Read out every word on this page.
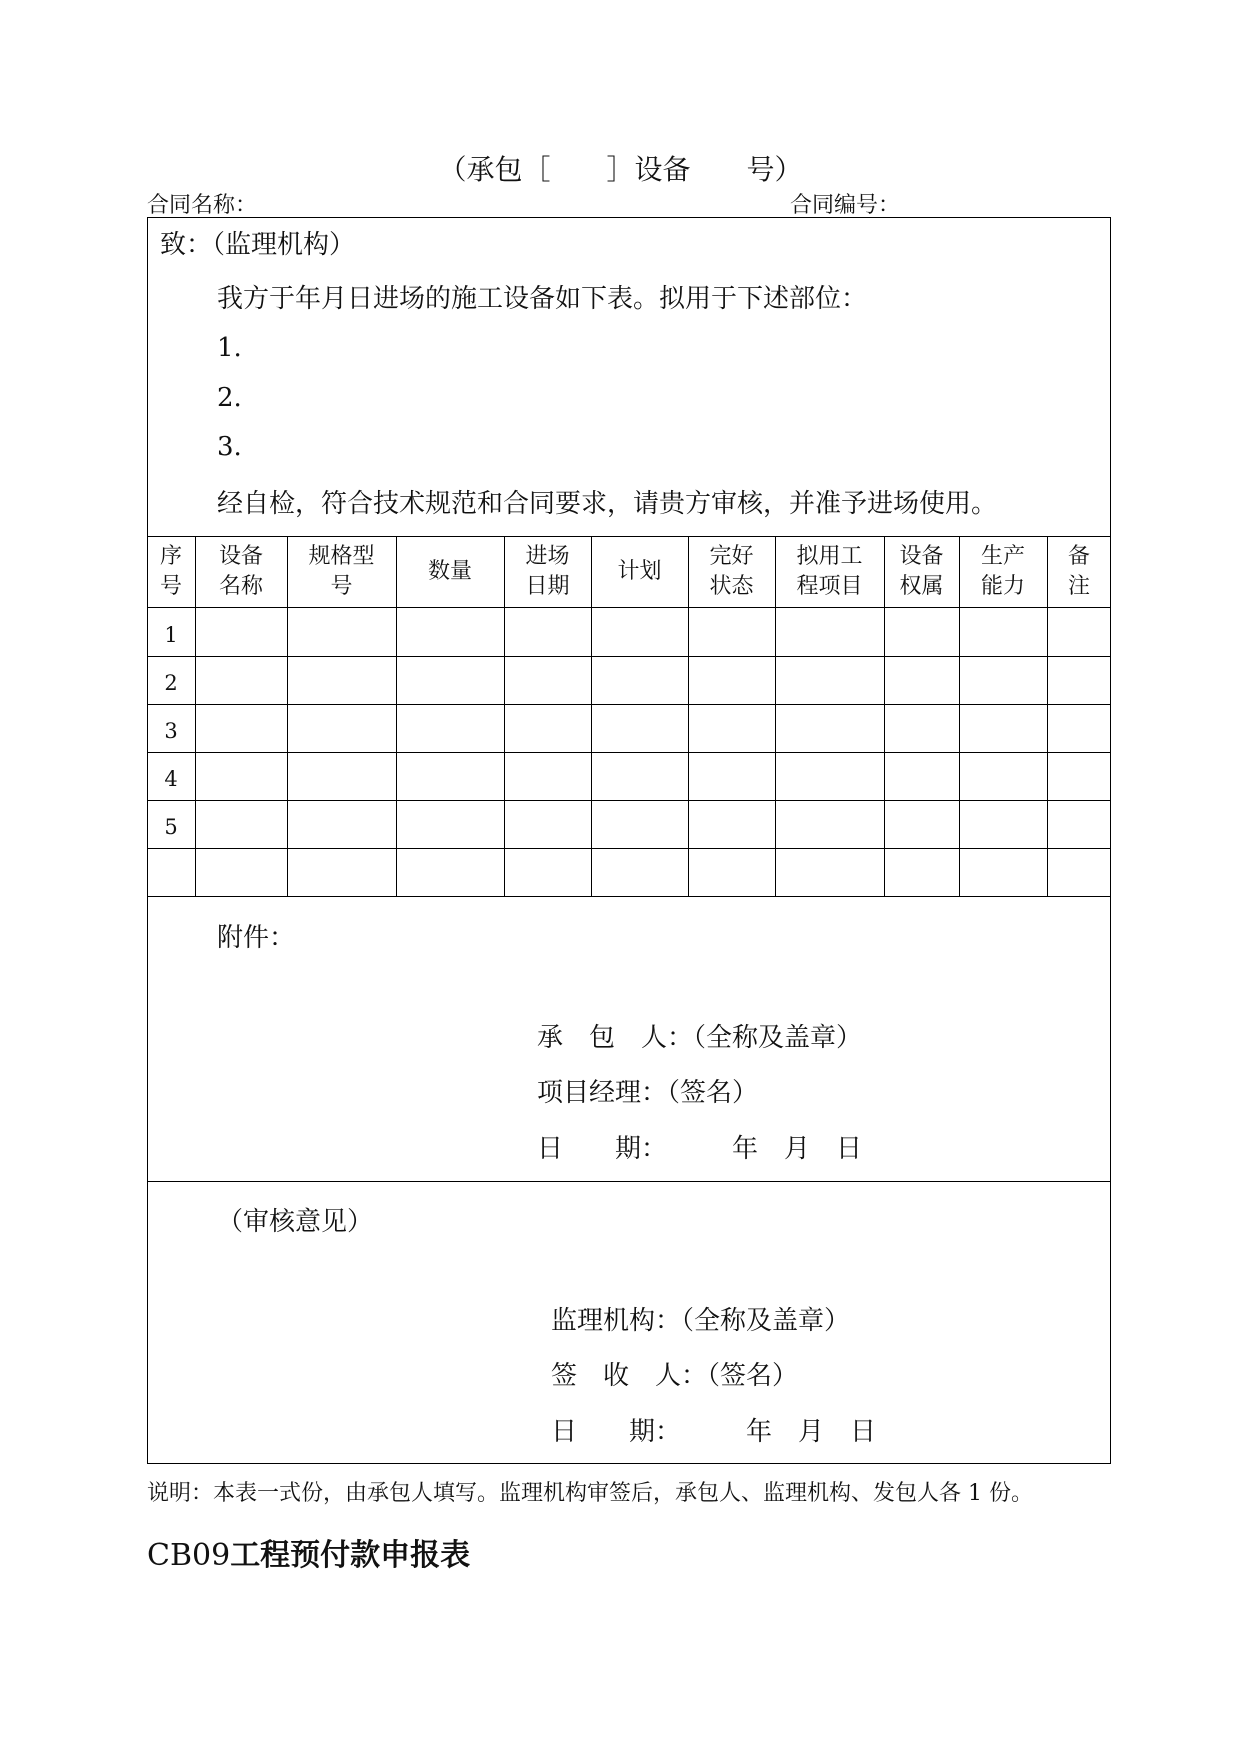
（承包［　　］设备　　号）
合同名称：	合同编号：
致：（监理机构）
我方于年月日进场的施工设备如下表。拟用于下述部位：
1.
2.
3.
经自检，符合技术规范和合同要求，请贵方审核，并准予进场使用。
序
号
设备
名称
规格型
号
数量
进场
日期
计划
完好
状态
拟用工
程项目
设备
权属
生产
能力
备
注
1
2
3
4
5
附件：
承　包　人：（全称及盖章）
项目经理：（签名）
日　　期：　　　年　月　日
（审核意见）
监理机构：（全称及盖章）
签　收　人：（签名）
日　　期：　　　年　月　日
说明：本表一式份，由承包人填写。监理机构审签后，承包人、监理机构、发包人各 1 份。
CB09工程预付款申报表
